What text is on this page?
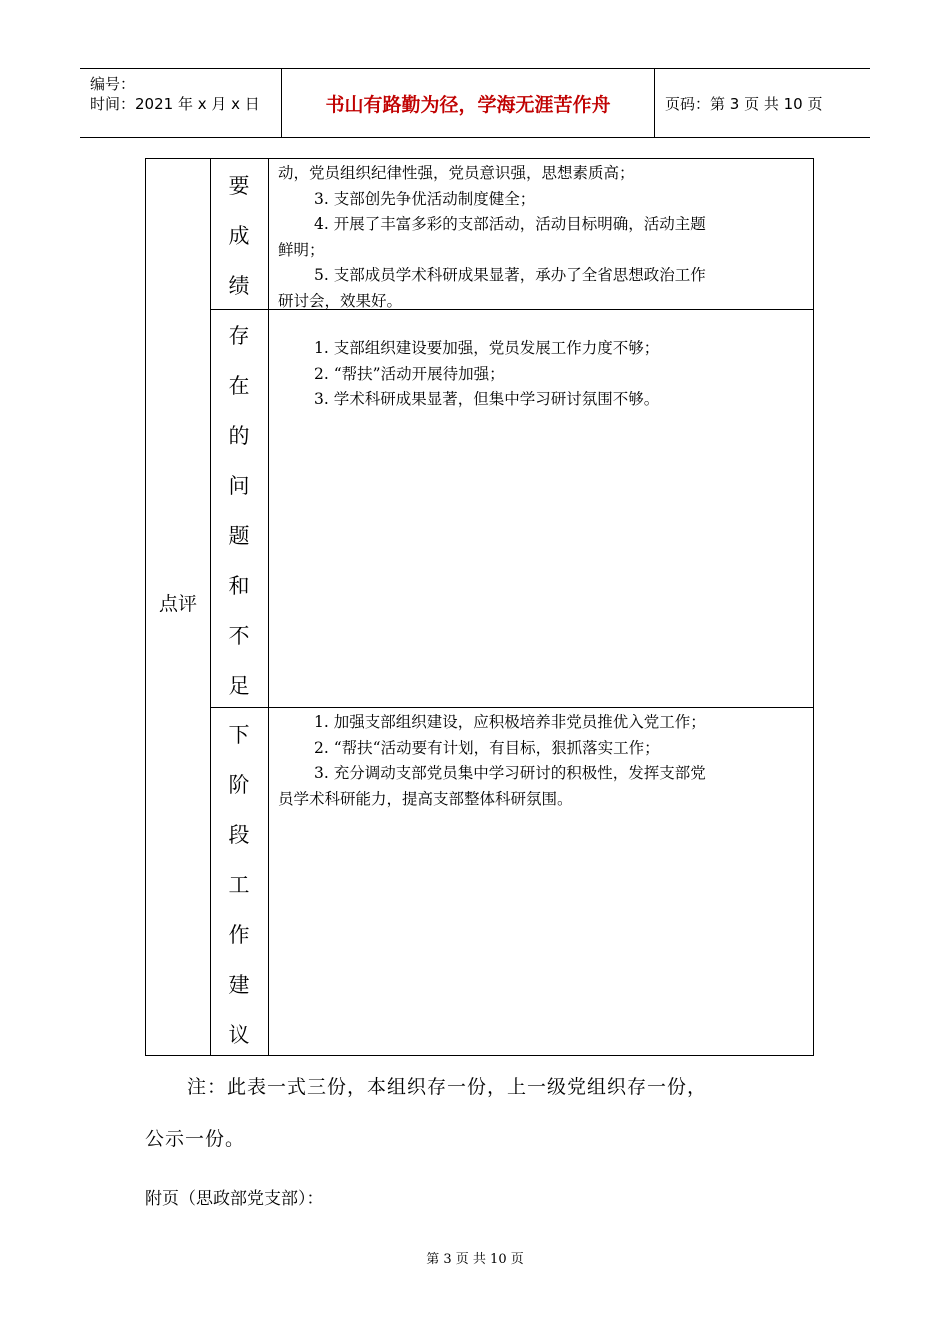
编号：
时间：2021 年 x 月 x 日	书山有路勤为径，学海无涯苦作舟	页码：第 3 页 共 10 页
点评
要
成
绩

动，党员组织纪律性强，党员意识强，思想素质高；

3. 支部创先争优活动制度健全；

4. 开展了丰富多彩的支部活动，活动目标明确，活动主题

鲜明；

5. 支部成员学术科研成果显著，承办了全省思想政治工作

研讨会，效果好。

存
在
的
问
题
和
不
足

1. 支部组织建设要加强，党员发展工作力度不够；

2. “帮扶”活动开展待加强；

3. 学术科研成果显著，但集中学习研讨氛围不够。

下
阶
段
工
作
建
议

1. 加强支部组织建设，应积极培养非党员推优入党工作；

2. “帮扶“活动要有计划，有目标，狠抓落实工作；

3. 充分调动支部党员集中学习研讨的积极性，发挥支部党

员学术科研能力，提高支部整体科研氛围。

注：此表一式三份，本组织存一份，上一级党组织存一份，
公示一份。
附页（思政部党支部）：
第 3 页 共 10 页
